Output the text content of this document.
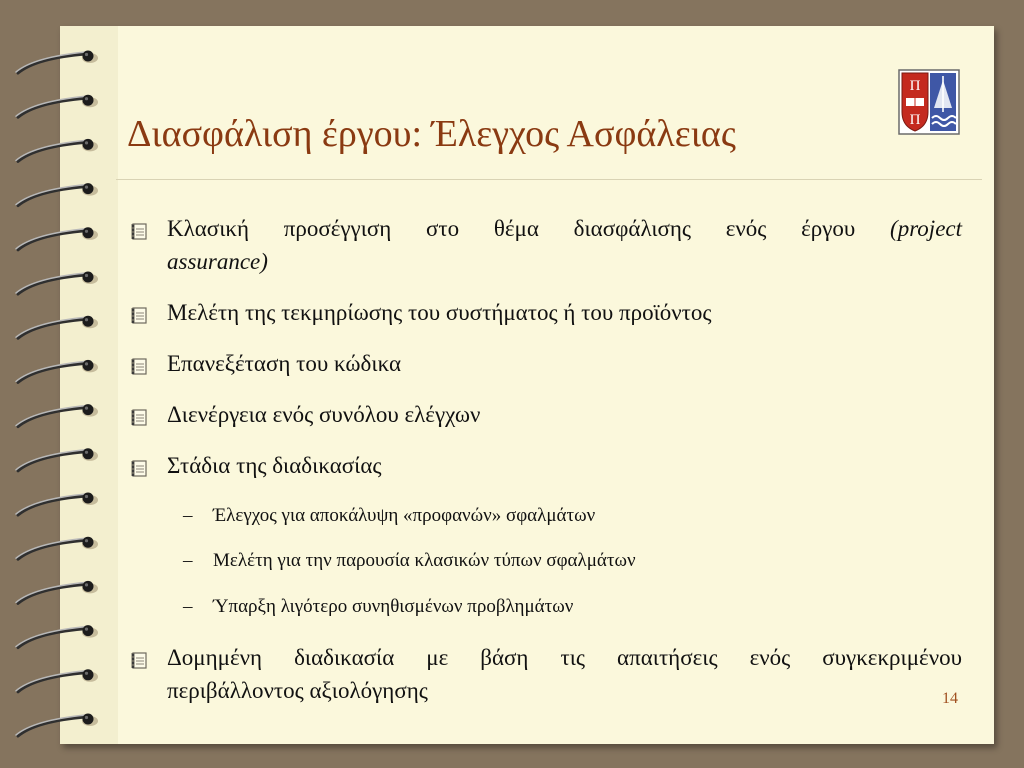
Π
Π
Διασφάλιση έργου: Έλεγχος Ασφάλειας
Κλασική προσέγγιση στο θέμα διασφάλισης ενός έργου (project
assurance)
Μελέτη της τεκμηρίωσης του συστήματος ή του προϊόντος
Επανεξέταση του κώδικα
Διενέργεια ενός συνόλου ελέγχων
Στάδια της διαδικασίας
– Έλεγχος για αποκάλυψη «προφανών» σφαλμάτων
– Μελέτη για την παρουσία κλασικών τύπων σφαλμάτων
– Ύπαρξη λιγότερο συνηθισμένων προβλημάτων
Δομημένη διαδικασία με βάση τις απαιτήσεις ενός συγκεκριμένου
περιβάλλοντος αξιολόγησης	14
